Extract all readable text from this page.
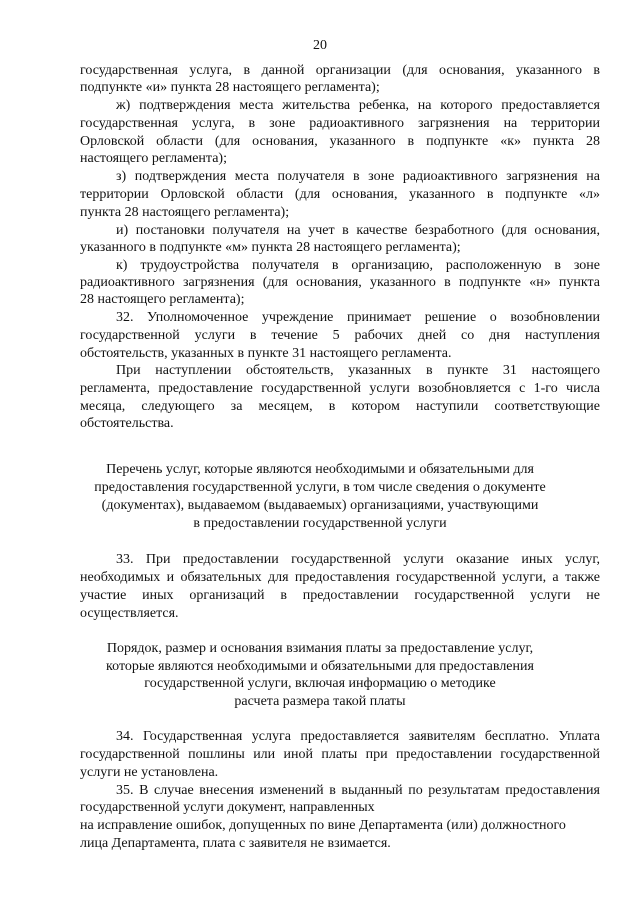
20
государственная услуга, в данной организации (для основания, указанного в
подпункте «и» пункта 28 настоящего регламента);
ж) подтверждения места жительства ребенка, на которого предоставляется
государственная услуга, в зоне радиоактивного загрязнения на территории
Орловской области (для основания, указанного в подпункте «к» пункта 28
настоящего регламента);
з) подтверждения места получателя в зоне радиоактивного загрязнения на
территории Орловской области (для основания, указанного в подпункте «л»
пункта 28 настоящего регламента);
и) постановки получателя на учет в качестве безработного (для основания,
указанного в подпункте «м» пункта 28 настоящего регламента);
к) трудоустройства получателя в организацию, расположенную в зоне
радиоактивного загрязнения (для основания, указанного в подпункте «н» пункта
28 настоящего регламента);
32. Уполномоченное учреждение принимает решение о возобновлении
государственной услуги в течение 5 рабочих дней со дня наступления
обстоятельств, указанных в пункте 31 настоящего регламента.
При наступлении обстоятельств, указанных в пункте 31 настоящего
регламента, предоставление государственной услуги возобновляется с 1-го числа
месяца, следующего за месяцем, в котором наступили соответствующие
обстоятельства.
Перечень услуг, которые являются необходимыми и обязательными для
предоставления государственной услуги, в том числе сведения о документе
(документах), выдаваемом (выдаваемых) организациями, участвующими
в предоставлении государственной услуги
33. При предоставлении государственной услуги оказание иных услуг,
необходимых и обязательных для предоставления государственной услуги, а также
участие иных организаций в предоставлении государственной услуги не
осуществляется.
Порядок, размер и основания взимания платы за предоставление услуг,
которые являются необходимыми и обязательными для предоставления
государственной услуги, включая информацию о методике
расчета размера такой платы
34. Государственная услуга предоставляется заявителям бесплатно. Уплата
государственной пошлины или иной платы при предоставлении государственной
услуги не установлена.
35. В случае внесения изменений в выданный по результатам предоставления
государственной услуги документ, направленных
на исправление ошибок, допущенных по вине Департамента (или) должностного
лица Департамента, плата с заявителя не взимается.
